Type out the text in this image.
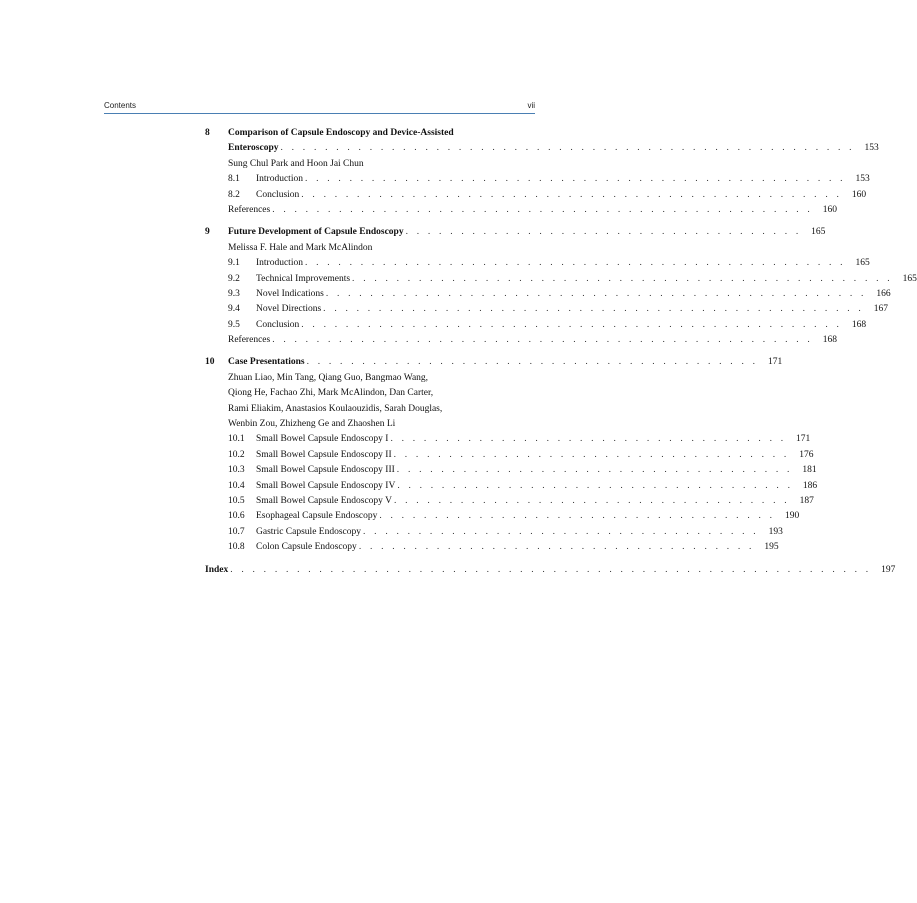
Contents	vii
8 Comparison of Capsule Endoscopy and Device-Assisted
Enteroscopy . . . . . . . . . . . . . . . . . . . . . . . . . . . . . . . . . . . . . . . . . . . . . . . . . . . .	153
Sung Chul Park and Hoon Jai Chun
8.1 Introduction . . . . . . . . . . . . . . . . . . . . . . . . . . . . . . . . . . . . . . . . . . . . . . . . .	153
8.2 Conclusion . . . . . . . . . . . . . . . . . . . . . . . . . . . . . . . . . . . . . . . . . . . . . . . . .	160
References . . . . . . . . . . . . . . . . . . . . . . . . . . . . . . . . . . . . . . . . . . . . . . . . .	160
9 Future Development of Capsule Endoscopy . . . . . . . . . . . . . . . . . . . . . . . . . . . . . . . . . . . .	165
Melissa F. Hale and Mark McAlindon
9.1 Introduction . . . . . . . . . . . . . . . . . . . . . . . . . . . . . . . . . . . . . . . . . . . . . . . . .	165
9.2 Technical Improvements . . . . . . . . . . . . . . . . . . . . . . . . . . . . . . . . . . . . . . . . . . . . . . . . .	165
9.3 Novel Indications . . . . . . . . . . . . . . . . . . . . . . . . . . . . . . . . . . . . . . . . . . . . . . . . .	166
9.4 Novel Directions . . . . . . . . . . . . . . . . . . . . . . . . . . . . . . . . . . . . . . . . . . . . . . . . .	167
9.5 Conclusion . . . . . . . . . . . . . . . . . . . . . . . . . . . . . . . . . . . . . . . . . . . . . . . . .	168
References . . . . . . . . . . . . . . . . . . . . . . . . . . . . . . . . . . . . . . . . . . . . . . . . .	168
10 Case Presentations . . . . . . . . . . . . . . . . . . . . . . . . . . . . . . . . . . . . . . . . .	171
Zhuan Liao, Min Tang, Qiang Guo, Bangmao Wang,
Qiong He, Fachao Zhi, Mark McAlindon, Dan Carter,
Rami Eliakim, Anastasios Koulaouzidis, Sarah Douglas,
Wenbin Zou, Zhizheng Ge and Zhaoshen Li
10.1 Small Bowel Capsule Endoscopy I . . . . . . . . . . . . . . . . . . . . . . . . . . . . . . . . . . . .	171
10.2 Small Bowel Capsule Endoscopy II . . . . . . . . . . . . . . . . . . . . . . . . . . . . . . . . . . . .	176
10.3 Small Bowel Capsule Endoscopy III . . . . . . . . . . . . . . . . . . . . . . . . . . . . . . . . . . . .	181
10.4 Small Bowel Capsule Endoscopy IV . . . . . . . . . . . . . . . . . . . . . . . . . . . . . . . . . . . .	186
10.5 Small Bowel Capsule Endoscopy V . . . . . . . . . . . . . . . . . . . . . . . . . . . . . . . . . . . .	187
10.6 Esophageal Capsule Endoscopy . . . . . . . . . . . . . . . . . . . . . . . . . . . . . . . . . . . .	190
10.7 Gastric Capsule Endoscopy . . . . . . . . . . . . . . . . . . . . . . . . . . . . . . . . . . . .	193
10.8 Colon Capsule Endoscopy . . . . . . . . . . . . . . . . . . . . . . . . . . . . . . . . . . . .	195
Index . . . . . . . . . . . . . . . . . . . . . . . . . . . . . . . . . . . . . . . . . . . . . . . . . . . . . . . . . .	197
